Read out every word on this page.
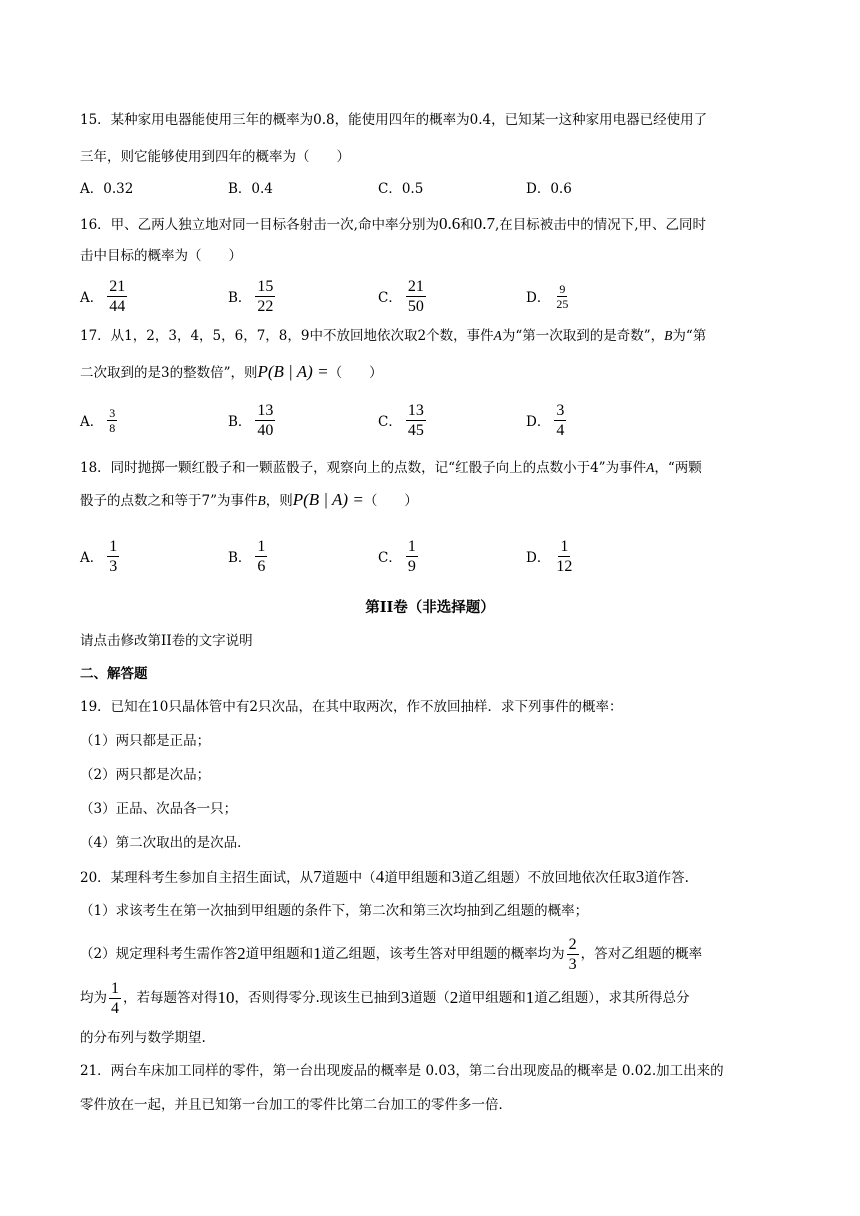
15．某种家用电器能使用三年的概率为0.8，能使用四年的概率为0.4，已知某一这种家用电器已经使用了
三年，则它能够使用到四年的概率为（　　）
A．0.32	B．0.4	C．0.5	D．0.6
16．甲、乙两人独立地对同一目标各射击一次,命中率分别为0.6和0.7,在目标被击中的情况下,甲、乙同时
击中目标的概率为（　　）
A． $\frac{21}{44}$	B． $\frac{15}{22}$	C． $\frac{21}{50}$	D． $\frac{9}{25}$
17．从1，2，3，4，5，6，7，8，9中不放回地依次取2个数，事件A为“第一次取到的是奇数”，B为“第
二次取到的是3的整数倍”，则P(B | A) =（　　）
A． $\frac{3}{8}$	B． $\frac{13}{40}$	C． $\frac{13}{45}$	D． $\frac{3}{4}$
18．同时抛掷一颗红骰子和一颗蓝骰子，观察向上的点数，记“红骰子向上的点数小于4”为事件A，“两颗
骰子的点数之和等于7”为事件B，则P(B | A) =（　　）
A． $\frac{1}{3}$	B． $\frac{1}{6}$	C． $\frac{1}{9}$	D． $\frac{1}{12}$
第II卷（非选择题）
请点击修改第II卷的文字说明
二、解答题
19．已知在10只晶体管中有2只次品，在其中取两次，作不放回抽样．求下列事件的概率：
（1）两只都是正品；
（2）两只都是次品；
（3）正品、次品各一只；
（4）第二次取出的是次品．
20．某理科考生参加自主招生面试，从7道题中（4道甲组题和3道乙组题）不放回地依次任取3道作答.
（1）求该考生在第一次抽到甲组题的条件下，第二次和第三次均抽到乙组题的概率；
（2）规定理科考生需作答 2 道甲组题和 1 道乙组题，该考生答对甲组题的概率均为 $\frac{2}{3}$ ，答对乙组题的概率
均为 $\frac{1}{4}$ ，若每题答对得 10 ，否则得零分.现该生已抽到 3 道题（ 2 道甲组题和 1 道乙组题），求其所得总分
的分布列与数学期望.
21．两台车床加工同样的零件，第一台出现废品的概率是 0.03，第二台出现废品的概率是 0.02.加工出来的
零件放在一起，并且已知第一台加工的零件比第二台加工的零件多一倍．
